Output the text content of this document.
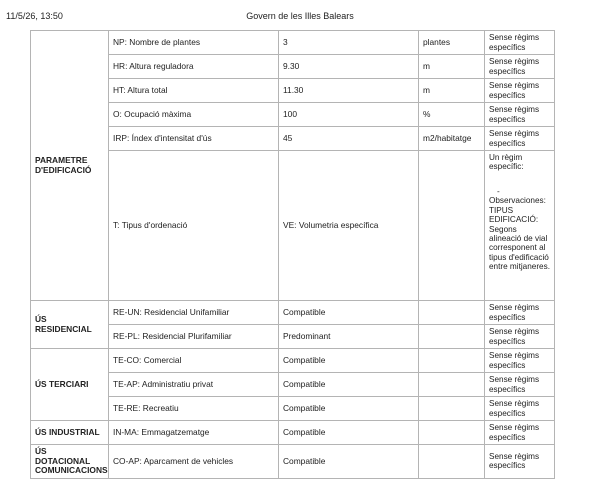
11/5/26, 13:50	Govern de les Illes Balears
PARAMETRE D'EDIFICACIÓ	NP: Nombre de plantes	3	plantes	Sense règims específics
	HR: Altura reguladora	9.30	m	Sense règims específics
	HT: Altura total	11.30	m	Sense règims específics
	O: Ocupació màxima	100	%	Sense règims específics
	IRP: Índex d'intensitat d'ús	45	m2/habitatge	Sense règims específics
	T: Tipus d'ordenació	VE: Volumetria específica		Un règim específic:
-
Observaciones: TIPUS EDIFICACIÓ: Segons alineació de vial corresponent al tipus d'edificació entre mitjaneres.

ÚS RESIDENCIAL	RE-UN: Residencial Unifamiliar	Compatible		Sense règims específics
	RE-PL: Residencial Plurifamiliar	Predominant		Sense règims específics
ÚS TERCIARI	TE-CO: Comercial	Compatible		Sense règims específics
	TE-AP: Administratiu privat	Compatible		Sense règims específics
	TE-RE: Recreatiu	Compatible		Sense règims específics
ÚS INDUSTRIAL	IN-MA: Emmagatzematge	Compatible		Sense règims específics
ÚS DOTACIONAL COMUNICACIONS	CO-AP: Aparcament de vehicles	Compatible		Sense règims específics
